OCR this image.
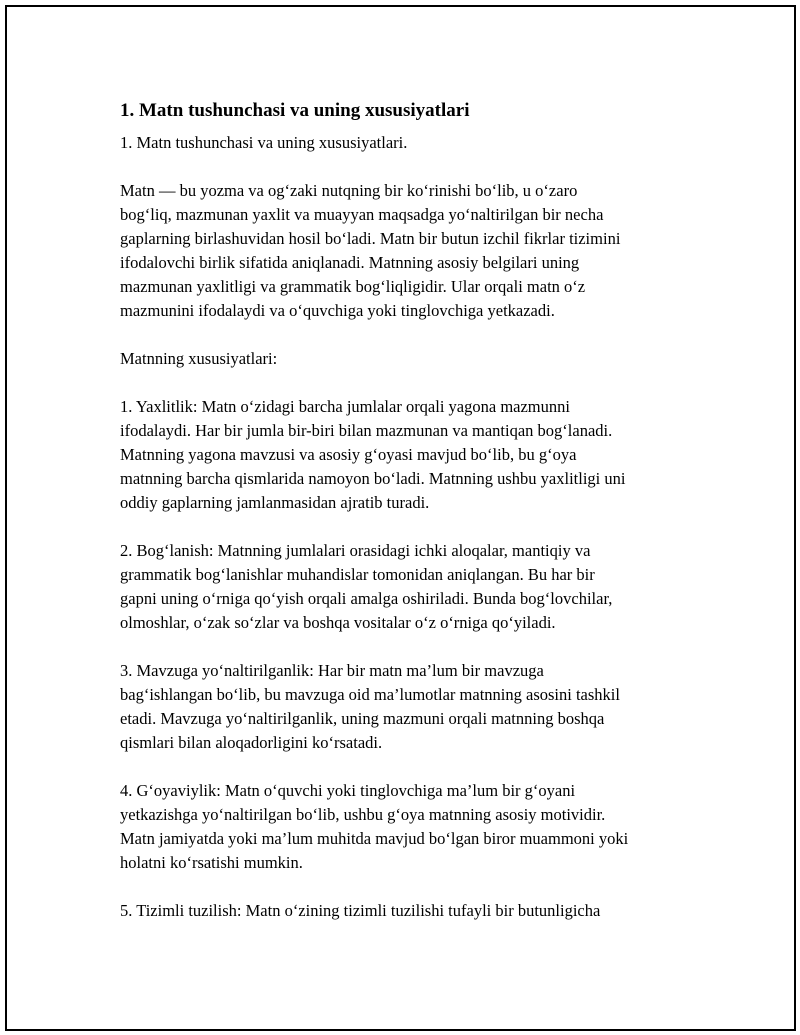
1. Matn tushunchasi va uning xususiyatlari

1. Matn tushunchasi va uning xususiyatlari.

Matn — bu yozma va og‘zaki nutqning bir ko‘rinishi bo‘lib, u o‘zaro
bog‘liq, mazmunan yaxlit va muayyan maqsadga yo‘naltirilgan bir necha
gaplarning birlashuvidan hosil bo‘ladi. Matn bir butun izchil fikrlar tizimini
ifodalovchi birlik sifatida aniqlanadi. Matnning asosiy belgilari uning
mazmunan yaxlitligi va grammatik bog‘liqligidir. Ular orqali matn o‘z
mazmunini ifodalaydi va o‘quvchiga yoki tinglovchiga yetkazadi.

Matnning xususiyatlari:

1. Yaxlitlik: Matn o‘zidagi barcha jumlalar orqali yagona mazmunni
ifodalaydi. Har bir jumla bir-biri bilan mazmunan va mantiqan bog‘lanadi.
Matnning yagona mavzusi va asosiy g‘oyasi mavjud bo‘lib, bu g‘oya
matnning barcha qismlarida namoyon bo‘ladi. Matnning ushbu yaxlitligi uni
oddiy gaplarning jamlanmasidan ajratib turadi.

2. Bog‘lanish: Matnning jumlalari orasidagi ichki aloqalar, mantiqiy va
grammatik bog‘lanishlar muhandislar tomonidan aniqlangan. Bu har bir
gapni uning o‘rniga qo‘yish orqali amalga oshiriladi. Bunda bog‘lovchilar,
olmoshlar, o‘zak so‘zlar va boshqa vositalar o‘z o‘rniga qo‘yiladi.

3. Mavzuga yo‘naltirilganlik: Har bir matn ma’lum bir mavzuga
bag‘ishlangan bo‘lib, bu mavzuga oid ma’lumotlar matnning asosini tashkil
etadi. Mavzuga yo‘naltirilganlik, uning mazmuni orqali matnning boshqa
qismlari bilan aloqadorligini ko‘rsatadi.

4. G‘oyaviylik: Matn o‘quvchi yoki tinglovchiga ma’lum bir g‘oyani
yetkazishga yo‘naltirilgan bo‘lib, ushbu g‘oya matnning asosiy motividir.
Matn jamiyatda yoki ma’lum muhitda mavjud bo‘lgan biror muammoni yoki
holatni ko‘rsatishi mumkin.

5. Tizimli tuzilish: Matn o‘zining tizimli tuzilishi tufayli bir butunligicha
